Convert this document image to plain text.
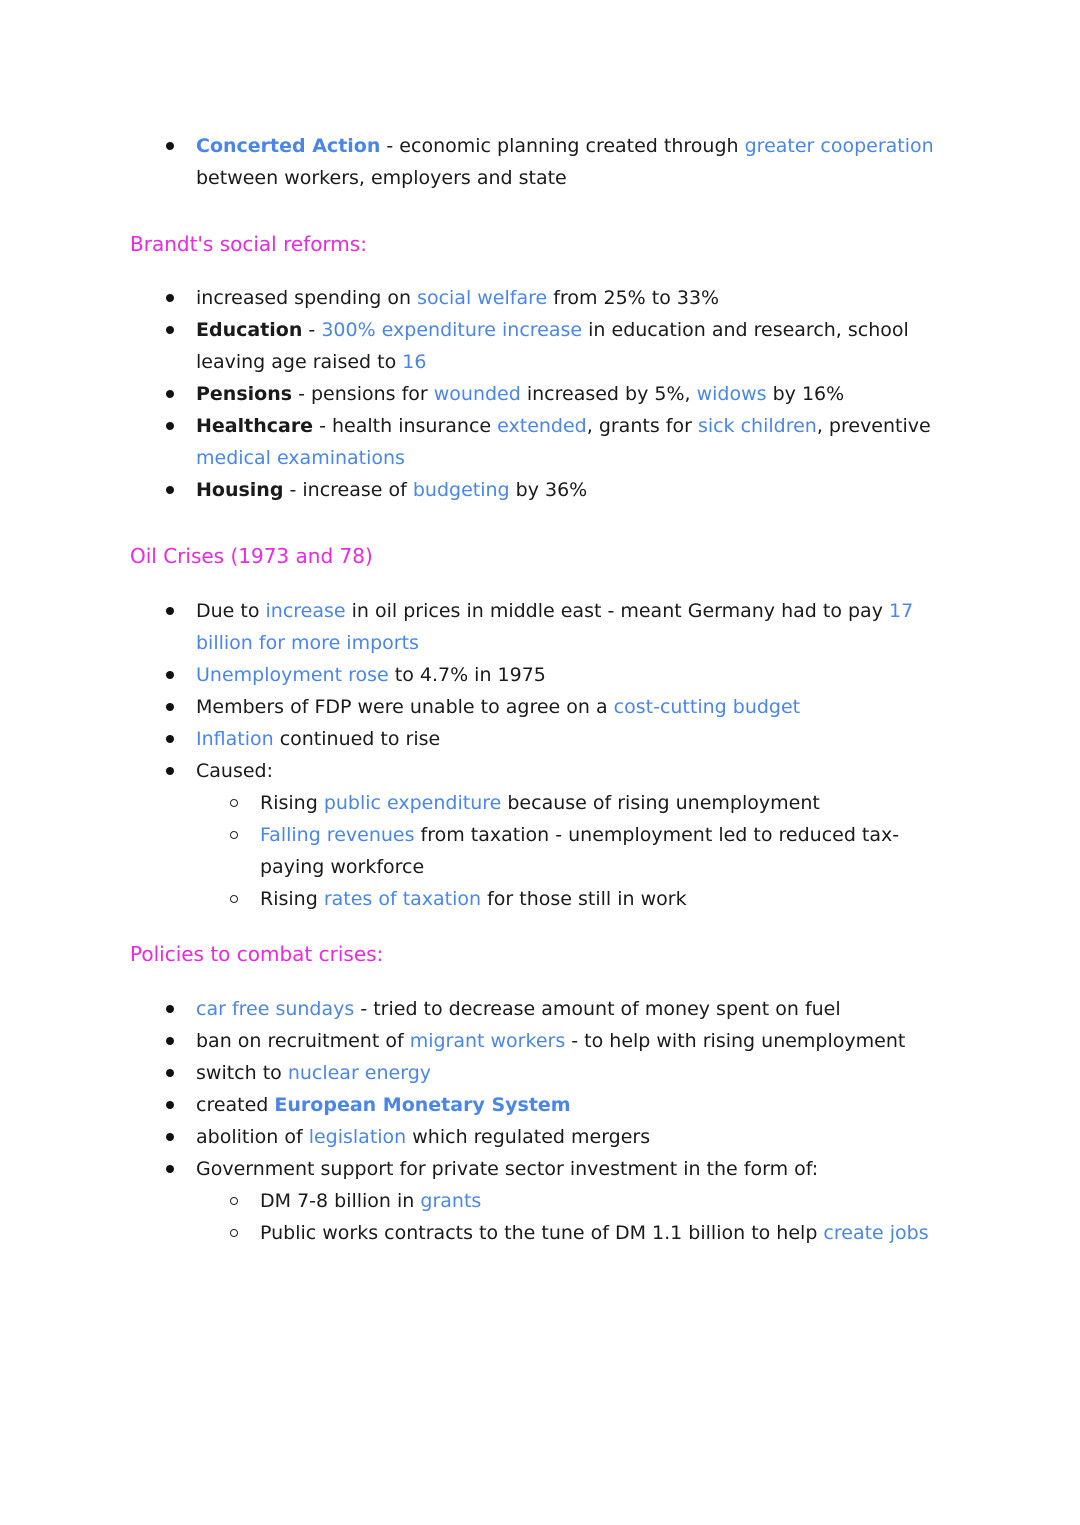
Concerted Action - economic planning created through greater cooperation between workers, employers and state
Brandt's social reforms:
increased spending on social welfare from 25% to 33%
Education - 300% expenditure increase in education and research, school leaving age raised to 16
Pensions - pensions for wounded increased by 5%, widows by 16%
Healthcare - health insurance extended, grants for sick children, preventive medical examinations
Housing - increase of budgeting by 36%
Oil Crises (1973 and 78)
Due to increase in oil prices in middle east - meant Germany had to pay 17 billion for more imports
Unemployment rose to 4.7% in 1975
Members of FDP were unable to agree on a cost-cutting budget
Inflation continued to rise
Caused:
Rising public expenditure because of rising unemployment
Falling revenues from taxation - unemployment led to reduced tax-paying workforce
Rising rates of taxation for those still in work
Policies to combat crises:
car free sundays - tried to decrease amount of money spent on fuel
ban on recruitment of migrant workers - to help with rising unemployment
switch to nuclear energy
created European Monetary System
abolition of legislation which regulated mergers
Government support for private sector investment in the form of:
DM 7-8 billion in grants
Public works contracts to the tune of DM 1.1 billion to help create jobs
